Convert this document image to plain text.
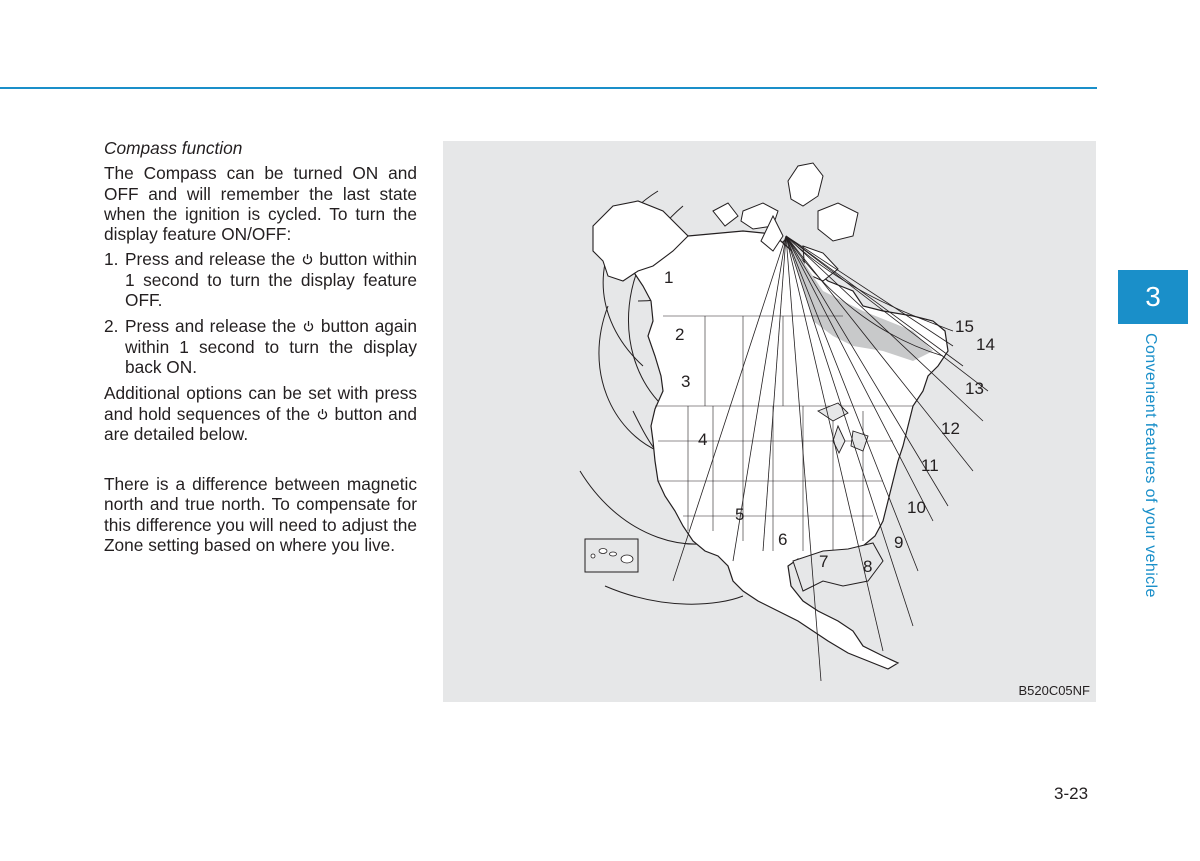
Compass function

The Compass can be turned ON and OFF and will remember the last state when the ignition is cycled. To turn the display feature ON/OFF:

1. Press and release the button within 1 second to turn the display feature OFF.
2. Press and release the button again within 1 second to turn the display back ON.

Additional options can be set with press and hold sequences of the button and are detailed below.

There is a difference between magnetic north and true north. To compensate for this difference you will need to adjust the Zone setting based on where you live.

1
2
3
4
5
6
7 8
9
10
11
12
13
14
15
B520C05NF
3
Convenient features of your vehicle
3-23
